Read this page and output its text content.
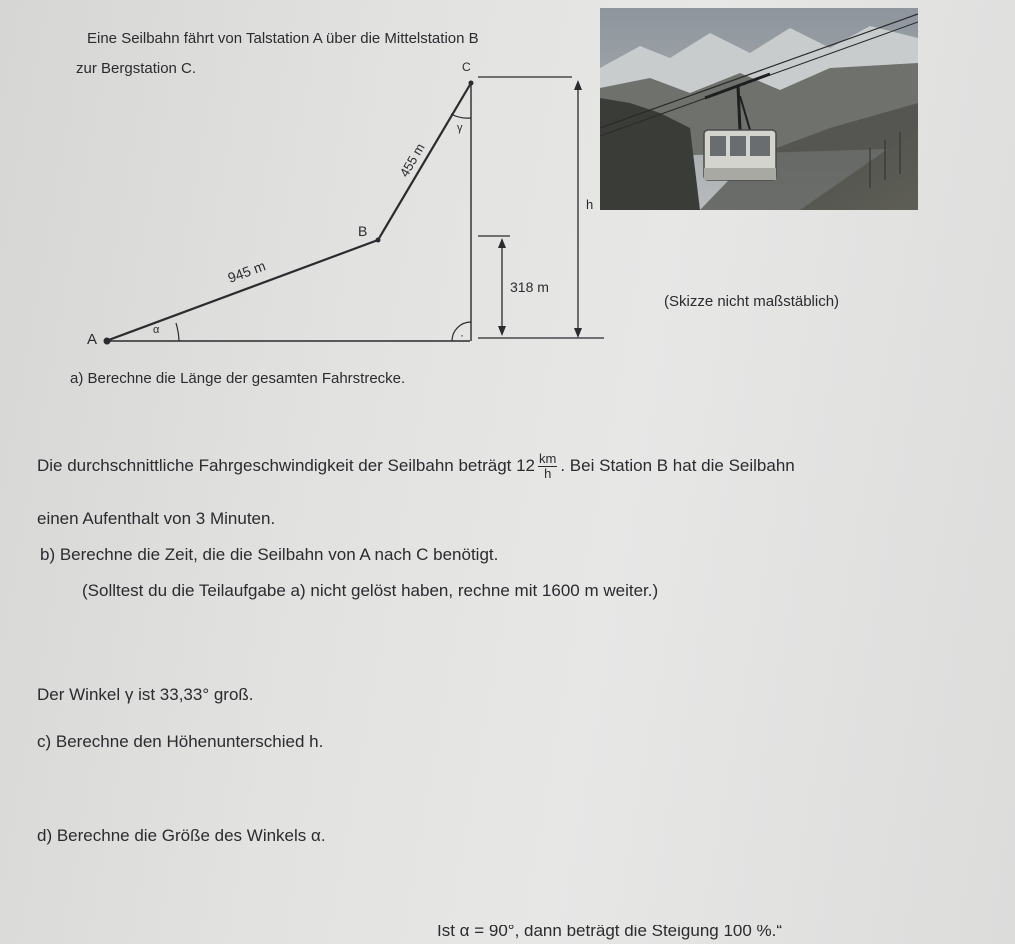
Eine Seilbahn fährt von Talstation A über die Mittelstation B
zur Bergstation C.
A
B
C
945 m
455 m
α
γ
·
h
318 m
(Skizze nicht maßstäblich)
a) Berechne die Länge der gesamten Fahrstrecke.
Die durchschnittliche Fahrgeschwindigkeit der Seilbahn beträgt $12 \frac{km}{h}$ . Bei Station B hat die Seilbahn
einen Aufenthalt von 3 Minuten.
b) Berechne die Zeit, die die Seilbahn von A nach C benötigt.
(Solltest du die Teilaufgabe a) nicht gelöst haben, rechne mit 1600 m weiter.)
Der Winkel γ ist 33,33° groß.
c) Berechne den Höhenunterschied h.
d) Berechne die Größe des Winkels α.
Ist α = 90°, dann beträgt die Steigung 100 %.“
